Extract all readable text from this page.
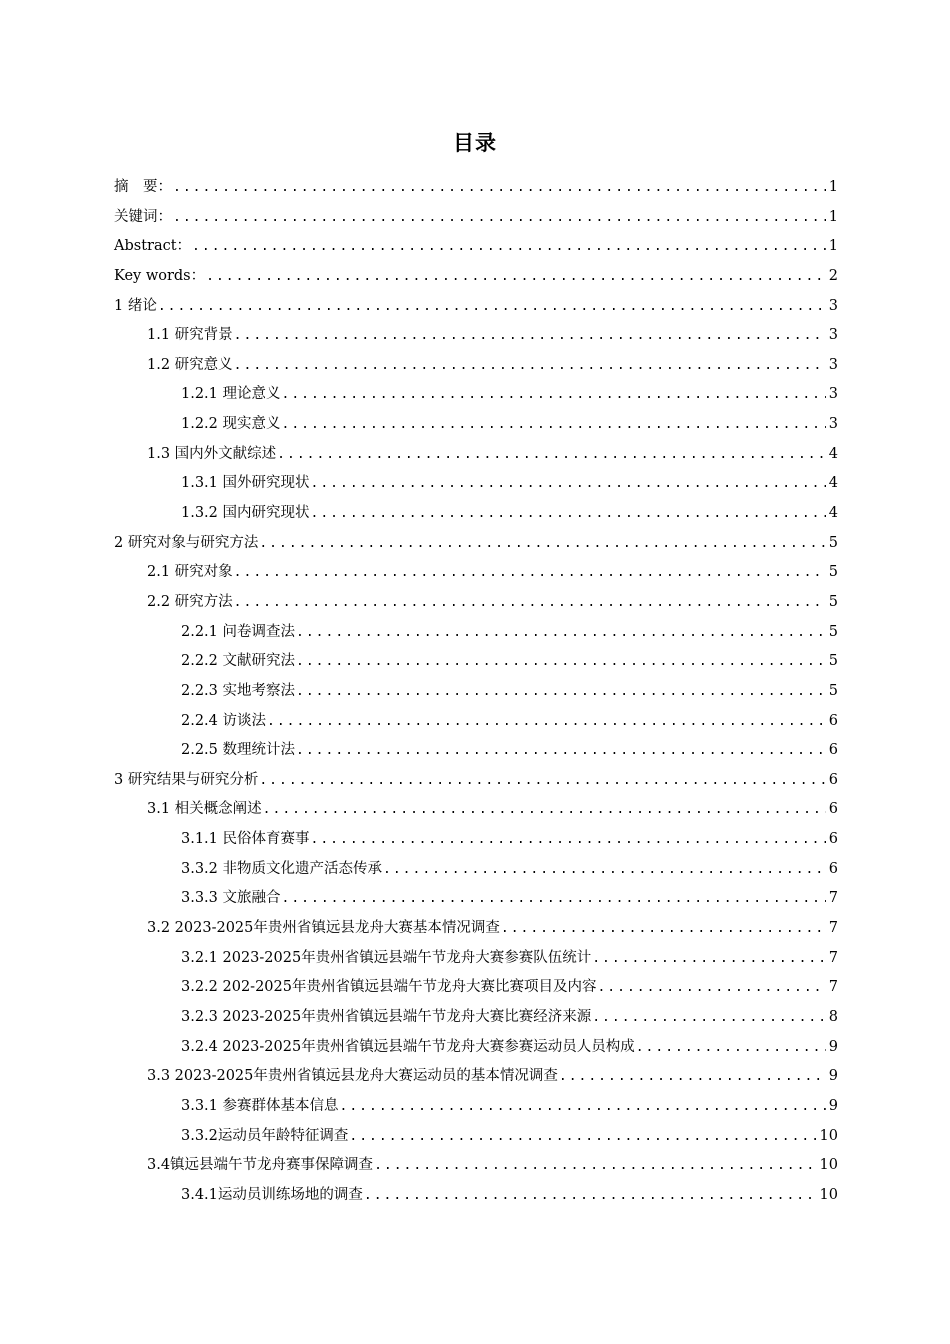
目录
摘　要： .....	1
关键词： .....	1
Abstract： .....	1
Key words： .....	2
1 绪论 .....	3
1.1 研究背景 .....	3
1.2 研究意义 .....	3
1.2.1 理论意义 .....	3
1.2.2 现实意义 .....	3
1.3 国内外文献综述 .....	4
1.3.1 国外研究现状 .....	4
1.3.2 国内研究现状 .....	4
2 研究对象与研究方法 .....	5
2.1 研究对象 .....	5
2.2 研究方法 .....	5
2.2.1 问卷调查法 .....	5
2.2.2 文献研究法 .....	5
2.2.3 实地考察法 .....	5
2.2.4 访谈法 .....	6
2.2.5 数理统计法 .....	6
3 研究结果与研究分析 .....	6
3.1 相关概念阐述 .....	6
3.1.1 民俗体育赛事 .....	6
3.3.2 非物质文化遗产活态传承 .....	6
3.3.3 文旅融合 .....	7
3.2 2023-2025年贵州省镇远县龙舟大赛基本情况调查 .....	7
3.2.1 2023-2025年贵州省镇远县端午节龙舟大赛参赛队伍统计 .....	7
3.2.2 202-2025年贵州省镇远县端午节龙舟大赛比赛项目及内容 .....	7
3.2.3 2023-2025年贵州省镇远县端午节龙舟大赛比赛经济来源 .....	8
3.2.4 2023-2025年贵州省镇远县端午节龙舟大赛参赛运动员人员构成 .....	9
3.3 2023-2025年贵州省镇远县龙舟大赛运动员的基本情况调查 .....	9
3.3.1 参赛群体基本信息 .....	9
3.3.2运动员年龄特征调查 .....	10
3.4镇远县端午节龙舟赛事保障调查 .....	10
3.4.1运动员训练场地的调查 .....	10
